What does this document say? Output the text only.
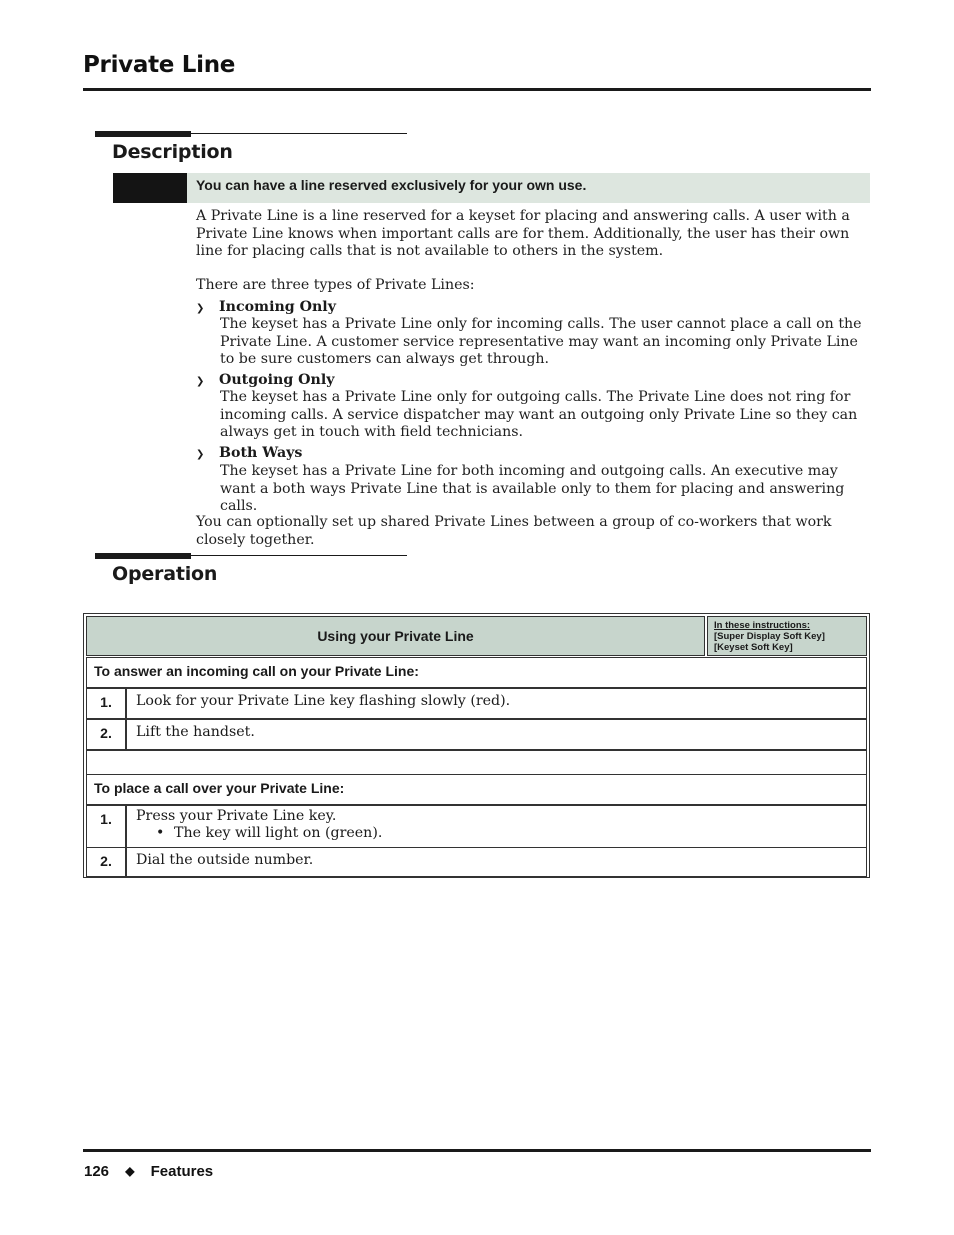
Private Line
Description
You can have a line reserved exclusively for your own use.
A Private Line is a line reserved for a keyset for placing and answering calls. A user with a Private Line knows when important calls are for them. Additionally, the user has their own line for placing calls that is not available to others in the system.
There are three types of Private Lines:
❯ Incoming Only
The keyset has a Private Line only for incoming calls. The user cannot place a call on the Private Line. A customer service representative may want an incoming only Private Line to be sure customers can always get through.
❯ Outgoing Only
The keyset has a Private Line only for outgoing calls. The Private Line does not ring for incoming calls. A service dispatcher may want an outgoing only Private Line so they can always get in touch with field technicians.
❯ Both Ways
The keyset has a Private Line for both incoming and outgoing calls. An executive may want a both ways Private Line that is available only to them for placing and answering calls.
You can optionally set up shared Private Lines between a group of co-workers that work closely together.
Operation
Using your Private Line
In these instructions:
[Super Display Soft Key]
[Keyset Soft Key]
To answer an incoming call on your Private Line:
1.	Look for your Private Line key flashing slowly (red).
2.	Lift the handset.
To place a call over your Private Line:
1.	Press your Private Line key.
• The key will light on (green).
2.	Dial the outside number.
126 ◆ Features
